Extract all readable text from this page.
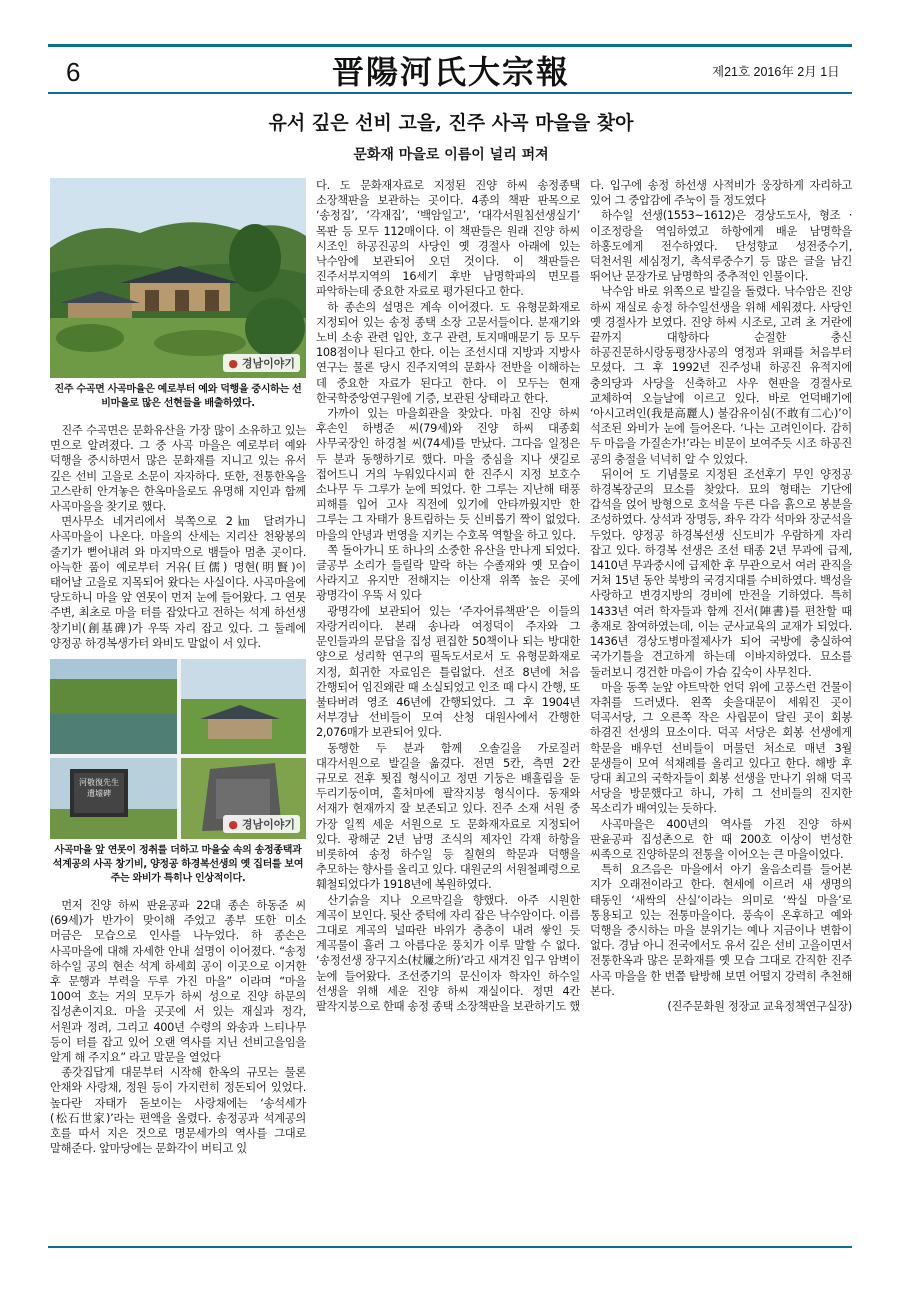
6	晋陽河氏大宗報	제21호 2016年 2月 1日
유서 깊은 선비 고을, 진주 사곡 마을을 찾아
문화재 마을로 이름이 널리 퍼져
● 경남이야기
진주 수곡면 사곡마을은 예로부터 예와 덕행을 중시하는 선비마을로 많은 선현들을 배출하였다.

진주 수곡면은 문화유산을 가장 많이 소유하고 있는 면으로 알려졌다. 그 중 사곡 마을은 예로부터 예와 덕행을 중시하면서 많은 문화재를 지니고 있는 유서 깊은 선비 고을로 소문이 자자하다. 또한, 전통한옥을 고스란히 안겨놓은 한옥마을로도 유명해 지인과 함께 사곡마을을 찾기로 했다.

면사무소 네거리에서 북쪽으로 2㎞ 달려가니 사곡마을이 나온다. 마을의 산세는 지리산 천왕봉의 줄기가 뻗어내려 와 마지막으로 뱀들아 멈춘 곳이다. 아늑한 품이 예로부터 거유(巨儒) 명현(明賢)이 태어날 고을로 지목되어 왔다는 사실이다. 사곡마을에 당도하니 마을 앞 연못이 먼저 눈에 들어왔다. 그 연못 주변, 최초로 마을 터를 잡았다고 전하는 석계 하선생 창기비(創基碑)가 우뚝 자리 잡고 있다. 그 둘레에 양정공 하경복생가터 와비도 말없이 서 있다.

河敬復先生 遺墟碑
● 경남이야기
사곡마을 앞 연못이 정취를 더하고 마을숲 속의 송정종택과 석계공의 사곡 창기비, 양정공 하경복선생의 옛 집터를 보여주는 와비가 특히나 인상적이다.

먼저 진양 하씨 판윤공파 22대 종손 하동준 씨(69세)가 반가이 맞이해 주었고 종부 또한 미소 머금은 모습으로 인사를 나누었다. 하 종손은 사곡마을에 대해 자세한 안내 설명이 이어졌다. “송정 하수일 공의 현손 석계 하세희 공이 이곳으로 이거한 후 문행과 부력을 두루 가진 마을” 이라며 “마을 100여 호는 거의 모두가 하씨 성으로 진양 하문의 집성촌이지요. 마을 곳곳에 서 있는 재실과 정각, 서원과 정려, 그리고 400년 수령의 와송과 느티나무 등이 터를 잡고 있어 오랜 역사를 지닌 선비고을임을 알게 해 주지요” 라고 말문을 열었다

종갓집답게 대문부터 시작해 한옥의 규모는 물론 안채와 사랑채, 정원 등이 가지런히 정돈되어 있었다. 높다란 자태가 돋보이는 사랑채에는 ‘송석세가(松石世家)’라는 편액을 올렸다. 송정공과 석계공의 호를 따서 지은 것으로 명문세가의 역사를 그대로 말해준다. 앞마당에는 문화각이 버티고 있

다. 도 문화재자료로 지정된 진양 하씨 송정종택 소장책판을 보관하는 곳이다. 4종의 책판 판목으로 ‘송정집’, ‘각재집’, ‘백암일고’, ‘대각서원침선생실기’ 목판 등 모두 112매이다. 이 책판들은 원래 진양 하씨 시조인 하공진공의 사당인 옛 경절사 아래에 있는 낙수암에 보관되어 오던 것이다. 이 책판들은 진주서부지역의 16세기 후반 남명학파의 면모를 파악하는데 중요한 자료로 평가된다고 한다.

하 종손의 설명은 계속 이어졌다. 도 유형문화재로 지정되어 있는 송정 종택 소장 고문서들이다. 분재기와 노비 소송 관련 입안, 호구 관련, 토지매매문기 등 모두 108점이나 된다고 한다. 이는 조선시대 지방과 지방사 연구는 물론 당시 진주지역의 문화사 전반을 이해하는 데 중요한 자료가 된다고 한다. 이 모두는 현재 한국학중앙연구원에 기증, 보관된 상태라고 한다.

가까이 있는 마을회관을 찾았다. 마침 진양 하씨 후손인 하병준 씨(79세)와 진양 하씨 대종회 사무국장인 하경철 씨(74세)를 만났다. 그다음 일정은 두 분과 동행하기로 했다. 마을 중심을 지나 샛길로 접어드니 거의 누워있다시피 한 진주시 지정 보호수 소나무 두 그루가 눈에 띄었다. 한 그루는 지난해 태풍 피해를 입어 고사 직전에 있기에 안타까웠지만 한 그루는 그 자태가 용트림하는 듯 신비롭기 짝이 없었다. 마을의 안녕과 번영을 지키는 수호목 역할을 하고 있다.

쪽 돌아가니 또 하나의 소중한 유산을 만나게 되었다. 글공부 소리가 들릴락 말락 하는 수졸재와 옛 모습이 사라지고 유지만 전해지는 이산재 위쪽 높은 곳에 광명각이 우뚝 서 있다

광명각에 보관되어 있는 ‘주자어류책판’은 이들의 자랑거리이다. 본래 송나라 여정덕이 주자와 그 문인들과의 문답을 집성 편집한 50책이나 되는 방대한 양으로 성리학 연구의 필독도서로서 도 유형문화재로 지정, 희귀한 자료임은 틀림없다. 선조 8년에 처음 간행되어 임진왜란 때 소실되었고 인조 때 다시 간행, 또 불타버려 영조 46년에 간행되었다. 그 후 1904년 서부경남 선비들이 모여 산청 대원사에서 간행한 2,076매가 보관되어 있다.

동행한 두 분과 함께 오솔길을 가로질러 대각서원으로 발길을 옮겼다. 전면 5칸, 측면 2칸 규모로 전후 툇집 형식이고 정면 기둥은 배흘림을 둔 두리기둥이며, 홑처마에 팔작지붕 형식이다. 동재와 서재가 현재까지 잘 보존되고 있다. 진주 소재 서원 중 가장 일찍 세운 서원으로 도 문화재자료로 지정되어 있다. 광해군 2년 남명 조식의 제자인 각재 하항을 비롯하여 송정 하수일 등 칠현의 학문과 덕행을 추모하는 향사를 올리고 있다. 대원군의 서원철폐령으로 훼철되었다가 1918년에 복원하였다.

산기슭을 지나 오르막길을 향했다. 아주 시원한 계곡이 보인다. 뒷산 중턱에 자리 잡은 낙수암이다. 이름 그대로 계곡의 널따란 바위가 층층이 내려 쌓인 듯 계곡물이 흘러 그 아름다운 풍치가 이루 말할 수 없다. ‘송정선생 장구지소(杖屨之所)’라고 새겨진 입구 암벽이 눈에 들어왔다. 조선중기의 문신이자 학자인 하수일 선생을 위해 세운 진양 하씨 재실이다. 정면 4칸 팔작지붕으로 한때 송정 종택 소장책판을 보관하기도 했

다. 입구에 송정 하선생 사적비가 웅장하게 자리하고 있어 그 중압감에 주눅이 들 정도였다

하수일 선생(1553~1612)은 경상도도사, 형조 · 이조정랑을 역임하였고 하항에게 배운 남명학을 하홍도에게 전수하였다. 단성향교 성전중수기, 덕천서원 세심정기, 촉석루중수기 등 많은 글을 남긴 뛰어난 문장가로 남명학의 중추적인 인물이다.

낙수암 바로 위쪽으로 발길을 돌렸다. 낙수암은 진양 하씨 재실로 송정 하수일선생을 위해 세워졌다. 사당인 옛 경절사가 보였다. 진양 하씨 시조로, 고려 초 거란에 끝까지 대항하다 순절한 충신 하공진문하시랑동평장사공의 영정과 위패를 처음부터 모셨다. 그 후 1992년 진주성내 하공진 유적지에 충의당과 사당을 신축하고 사우 현판을 경절사로 교체하여 오늘날에 이르고 있다. 바로 언덕배기에 ‘아시고려인(我是高麗人) 불감유이심(不敢有二心)’이 석조된 와비가 눈에 들어온다. ‘나는 고려인이다. 감히 두 마음을 가질손가!’라는 비문이 보여주듯 시조 하공진 공의 충절을 넉넉히 알 수 있었다.

뒤이어 도 기념물로 지정된 조선후기 무인 양정공 하경복장군의 묘소를 찾았다. 묘의 형태는 기단에 갑석을 얹어 방형으로 호석을 두른 다음 흙으로 봉분을 조성하였다. 상석과 장명등, 좌우 각각 석마와 장군석을 두었다. 양정공 하경복선생 신도비가 우람하게 자리 잡고 있다. 하경복 선생은 조선 태종 2년 무과에 급제, 1410년 무과중시에 급제한 후 무관으로서 여러 관직을 거쳐 15년 동안 북방의 국경지대를 수비하였다. 백성을 사랑하고 변경지방의 경비에 만전을 기하였다. 특히 1433년 여러 학자들과 함께 진서(陣書)를 편찬할 때 총재로 참여하였는데, 이는 군사교육의 교재가 되었다. 1436년 경상도병마절제사가 되어 국방에 충실하여 국가기틀을 견고하게 하는데 이바지하였다. 묘소를 둘러보니 경건한 마음이 가슴 깊숙이 사무친다.

마을 동쪽 눈앞 야트막한 언덕 위에 고풍스런 건물이 자취를 드러냈다. 왼쪽 솟을대문이 세워진 곳이 덕곡서당, 그 오른쪽 작은 사립문이 달린 곳이 회봉 하겸진 선생의 묘소이다. 덕곡 서당은 회봉 선생에게 학문을 배우던 선비들이 머물던 처소로 매년 3월 문생들이 모여 석채례를 올리고 있다고 한다. 해방 후 당대 최고의 국학자들이 회봉 선생을 만나기 위해 덕곡 서당을 방문했다고 하니, 가히 그 선비들의 진지한 목소리가 배여있는 듯하다.

사곡마을은 400년의 역사를 가진 진양 하씨 판윤공파 집성촌으로 한 때 200호 이상이 번성한 씨족으로 진양하문의 전통을 이어오는 큰 마을이었다.

특히 요즈음은 마을에서 아기 울음소리를 들어본 지가 오래전이라고 한다. 현세에 이르러 새 생명의 태동인 ‘새싹의 산실’이라는 의미로 ‘싹실 마을’로 통용되고 있는 전통마을이다. 풍속이 온후하고 예와 덕행을 중시하는 마을 분위기는 예나 지금이나 변함이 없다. 경남 아니 전국에서도 유서 깊은 선비 고을이면서 전통한옥과 많은 문화재를 옛 모습 그대로 간직한 진주 사곡 마을을 한 번쯤 탐방해 보면 어떨지 강력히 추천해 본다.

(진주문화원 정장교 교육정책연구실장)
